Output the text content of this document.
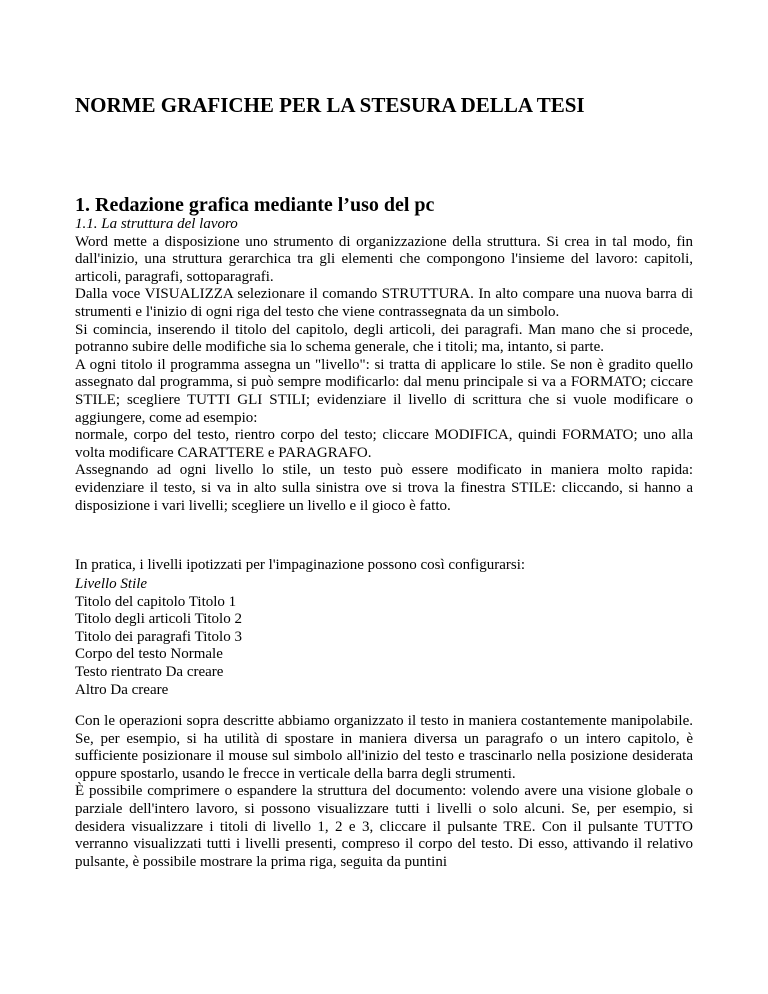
NORME GRAFICHE PER LA STESURA DELLA TESI
1. Redazione grafica mediante l’uso del pc
1.1. La struttura del lavoro

Word mette a disposizione uno strumento di organizzazione della struttura. Si crea in tal modo, fin dall'inizio, una struttura gerarchica tra gli elementi che compongono l'insieme del lavoro: capitoli, articoli, paragrafi, sottoparagrafi.

Dalla voce VISUALIZZA selezionare il comando STRUTTURA. In alto compare una nuova barra di strumenti e l'inizio di ogni riga del testo che viene contrassegnata da un simbolo.

Si comincia, inserendo il titolo del capitolo, degli articoli, dei paragrafi. Man mano che si procede, potranno subire delle modifiche sia lo schema generale, che i titoli; ma, intanto, si parte.

A ogni titolo il programma assegna un "livello": si tratta di applicare lo stile. Se non è gradito quello assegnato dal programma, si può sempre modificarlo: dal menu principale si va a FORMATO; ciccare STILE; scegliere TUTTI GLI STILI; evidenziare il livello di scrittura che si vuole modificare o aggiungere, come ad esempio:

normale, corpo del testo, rientro corpo del testo; cliccare MODIFICA, quindi FORMATO; uno alla volta modificare CARATTERE e PARAGRAFO.

Assegnando ad ogni livello lo stile, un testo può essere modificato in maniera molto rapida: evidenziare il testo, si va in alto sulla sinistra ove si trova la finestra STILE: cliccando, si hanno a disposizione i vari livelli; scegliere un livello e il gioco è fatto.

In pratica, i livelli ipotizzati per l'impaginazione possono così configurarsi:

Livello Stile
Titolo del capitolo Titolo 1
Titolo degli articoli Titolo 2
Titolo dei paragrafi Titolo 3
Corpo del testo Normale
Testo rientrato Da creare
Altro Da creare

Con le operazioni sopra descritte abbiamo organizzato il testo in maniera costantemente manipolabile. Se, per esempio, si ha utilità di spostare in maniera diversa un paragrafo o un intero capitolo, è sufficiente posizionare il mouse sul simbolo all'inizio del testo e trascinarlo nella posizione desiderata oppure spostarlo, usando le frecce in verticale della barra degli strumenti.

È possibile comprimere o espandere la struttura del documento: volendo avere una visione globale o parziale dell'intero lavoro, si possono visualizzare tutti i livelli o solo alcuni. Se, per esempio, si desidera visualizzare i titoli di livello 1, 2 e 3, cliccare il pulsante TRE. Con il pulsante TUTTO verranno visualizzati tutti i livelli presenti, compreso il corpo del testo. Di esso, attivando il relativo pulsante, è possibile mostrare la prima riga, seguita da puntini
